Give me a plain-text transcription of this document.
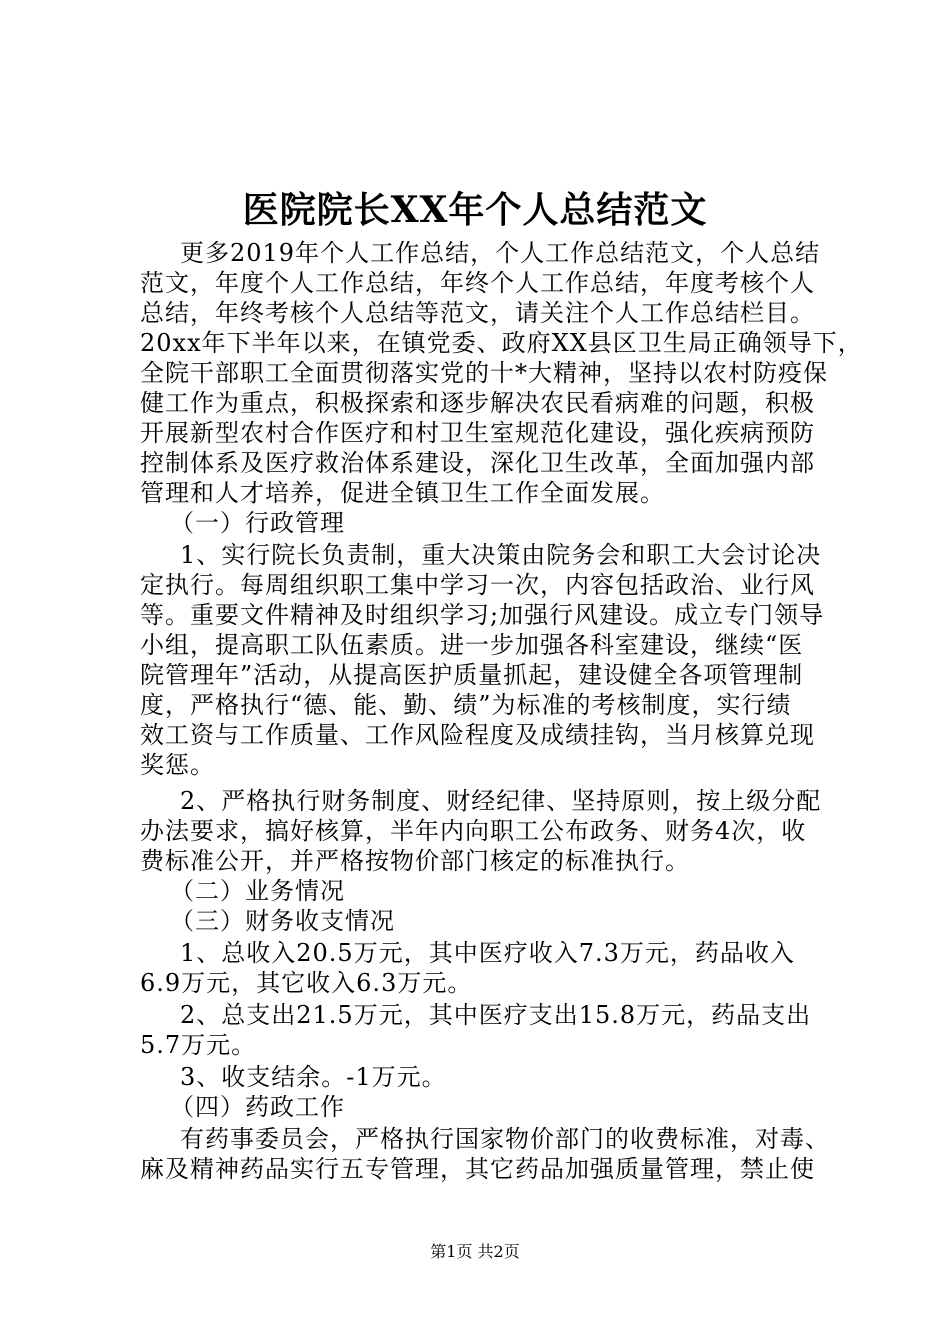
医院院长XX年个人总结范文
更多2019年个人工作总结，个人工作总结范文，个人总结
范文，年度个人工作总结，年终个人工作总结，年度考核个人
总结，年终考核个人总结等范文，请关注个人工作总结栏目。
20xx年下半年以来，在镇党委、政府XX县区卫生局正确领导下，
全院干部职工全面贯彻落实党的十*大精神，坚持以农村防疫保
健工作为重点，积极探索和逐步解决农民看病难的问题，积极
开展新型农村合作医疗和村卫生室规范化建设，强化疾病预防
控制体系及医疗救治体系建设，深化卫生改革，全面加强内部
管理和人才培养，促进全镇卫生工作全面发展。
（一）行政管理
1、实行院长负责制，重大决策由院务会和职工大会讨论决
定执行。每周组织职工集中学习一次，内容包括政治、业行风
等。重要文件精神及时组织学习;加强行风建设。成立专门领导
小组，提高职工队伍素质。进一步加强各科室建设，继续“医
院管理年”活动，从提高医护质量抓起，建设健全各项管理制
度，严格执行“德、能、勤、绩”为标准的考核制度，实行绩
效工资与工作质量、工作风险程度及成绩挂钩，当月核算兑现
奖惩。
2、严格执行财务制度、财经纪律、坚持原则，按上级分配
办法要求，搞好核算，半年内向职工公布政务、财务4次，收
费标准公开，并严格按物价部门核定的标准执行。
（二）业务情况
（三）财务收支情况
1、总收入20.5万元，其中医疗收入7.3万元，药品收入
6.9万元，其它收入6.3万元。
2、总支出21.5万元，其中医疗支出15.8万元，药品支出
5.7万元。
3、收支结余。-1万元。
（四）药政工作
有药事委员会，严格执行国家物价部门的收费标准，对毒、
麻及精神药品实行五专管理，其它药品加强质量管理，禁止使
第1页 共2页
